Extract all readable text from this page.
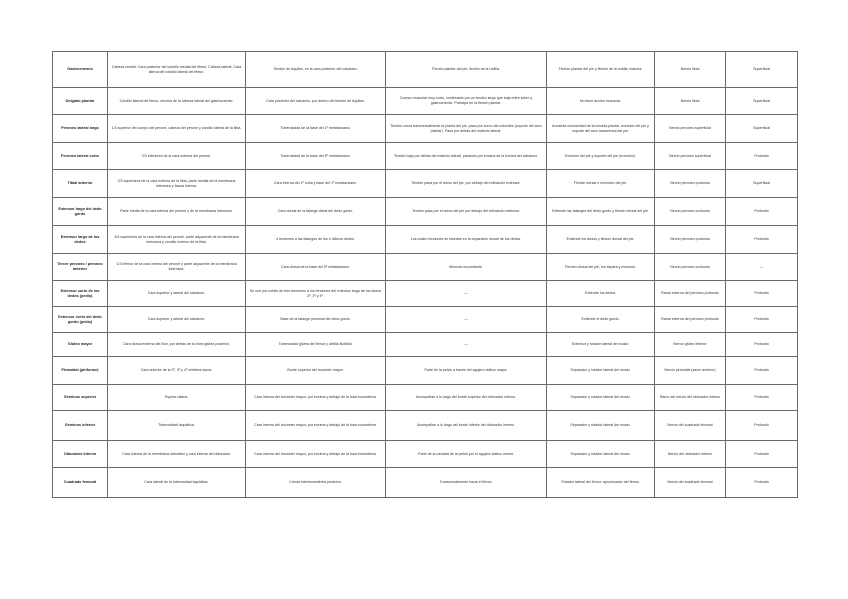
Gastrocnemio	Cabeza medial: Cara posterior del cóndilo medial del fémur. Cabeza lateral: Cara lateral del cóndilo lateral del fémur.	Tendón de Aquiles, en la cara posterior del calcáneo.	Flexión plantar del pie; flexión de la rodilla.	Flexión plantar del pie y flexión de la rodilla; marcha.	Nervio tibial	Superficial
Delgado plantar	Cóndilo lateral del fémur, encima de la cabeza lateral del gastrocnemio.	Cara posterior del calcáneo, por dentro del tendón de Aquiles.	Cuerpo muscular muy corto, continuado por un tendón largo que baja entre sóleo y gastrocnemio. Participa en la flexión plantar.	No tiene acción muscular.	Nervio tibial	Superficial
Peroneo lateral largo	1/3 superior del cuerpo del peroné, cabeza del peroné y cóndilo lateral de la tibia.	Tuberosidad de la base del 1º metatarsiano.	Tendón cruza transversalmente la planta del pie, pasa por surco del cuboides (soporte del arco plantar). Pasa por detrás del maléolo lateral.	Aumenta concavidad de la bóveda plantar, eversión del pie y soporte del arco transversal del pie.	Nervio peroneo superficial	Superficial
Peroneo lateral corto	2/3 inferiores de la cara externa del peroné.	Tuberosidad de la base del 5º metatarsiano.	Tendón baja por detrás del maléolo lateral, pasando por encima de la tróclea del calcáneo.	Eversión del pie y soporte del pie (eversión).	Nervio peroneo superficial	Profundo
Tibial anterior	2/3 superiores de la cara externa de la tibia, parte medial de la membrana interósea y fascia interna.	Cara interna del 1º cuña y base del 1º metatarsiano.	Tendón pasa por el dorso del pie, por debajo del retináculo extensor.	Flexión dorsal e inversión del pie.	Nervio peroneo profundo	Superficial
Extensor largo del dedo gordo	Parte media de la cara interna del peroné y de la membrana interósea.	Cara dorsal de la falange distal del dedo gordo.	Tendón pasa por el dorso del pie por debajo del retináculo extensor.	Extiende las falanges del dedo gordo y flexión dorsal del pie.	Nervio peroneo profundo	Profundo
Extensor largo de los dedos	3/4 superiores de la cara interna del peroné, parte adyacente de la membrana interósea y cóndilo externo de la tibia.	4 tendones a las falanges de los 4 últimos dedos.	Los cuatro tendones se insertan en la expansión dorsal de los dedos.	Extiende los dedos y flexión dorsal del pie.	Nervio peroneo profundo	Profundo
Tercer peroneo / peroneo anterior	1/3 inferior de la cara interna del peroné y parte adyacente de la membrana interósea.	Cara dorsal de la base del 5º metatarsiano.	Músculo inconstante.	Flexión dorsal del pie, los separa y eversión.	Nervio peroneo profundo	—
Extensor corto de los dedos (pedio)	Cara superior y lateral del calcáneo.	Se une por medio de tres tendones a los tendones del extensor largo de los dedos 2º, 3º y 4º.	—	Extiende los dedos.	Rama externa del peroneo profundo	Profundo
Extensor corto del dedo gordo (pedio)	Cara superior y lateral del calcáneo.	Base de la falange proximal del dedo gordo.	—	Extiende el dedo gordo.	Rama externa del peroneo profundo	Profundo
Glúteo mayor	Cara dorsal externa del ilion, por detrás de la línea glútea posterior.	Tuberosidad glútea del fémur y cintilla iliotibial.	—	Extensor y rotador lateral del muslo.	Nervio glúteo inferior	Profundo
Piramidal (piriforme)	Cara anterior de la 2º, 3º y 4º vértebra sacra.	Borde superior del trocánter mayor.	Parte de la pelvis a través del agujero ciático mayor.	Separador y rotador lateral del muslo.	Nervio piramidal (sacro anterior)	Profundo
Géminos superior	Espina ciática.	Cara interna del trocánter mayor, por encima y debajo de la fosa trocantérea.	Acompañan a lo largo del borde superior del obturador interno.	Separador y rotador lateral del muslo.	Ramo del nervio del obturador interno	Profundo
Géminos inferior	Tuberosidad isquiática.	Cara interna del trocánter mayor, por encima y debajo de la fosa trocantérea.	Acompañan a lo largo del borde inferior del obturador interno.	Separador y rotador lateral del muslo.	Nervio del cuadrado femoral	Profundo
Obturador interno	Cara interna de la membrana obturatriz y cara interna del obturador.	Cara interna del trocánter mayor, por encima y debajo de la fosa trocantérea.	Parte de la cavidad de la pelvis por el agujero ciático menor.	Separador y rotador lateral del muslo.	Nervio del obturador interno	Profundo
Cuadrado femoral	Cara lateral de la tuberosidad isquiática.	Cresta intertrocantérea posterior.	Transversalmente hacia el fémur.	Rotador lateral del fémur; aproximador del fémur.	Nervio del cuadrado femoral	Profundo
